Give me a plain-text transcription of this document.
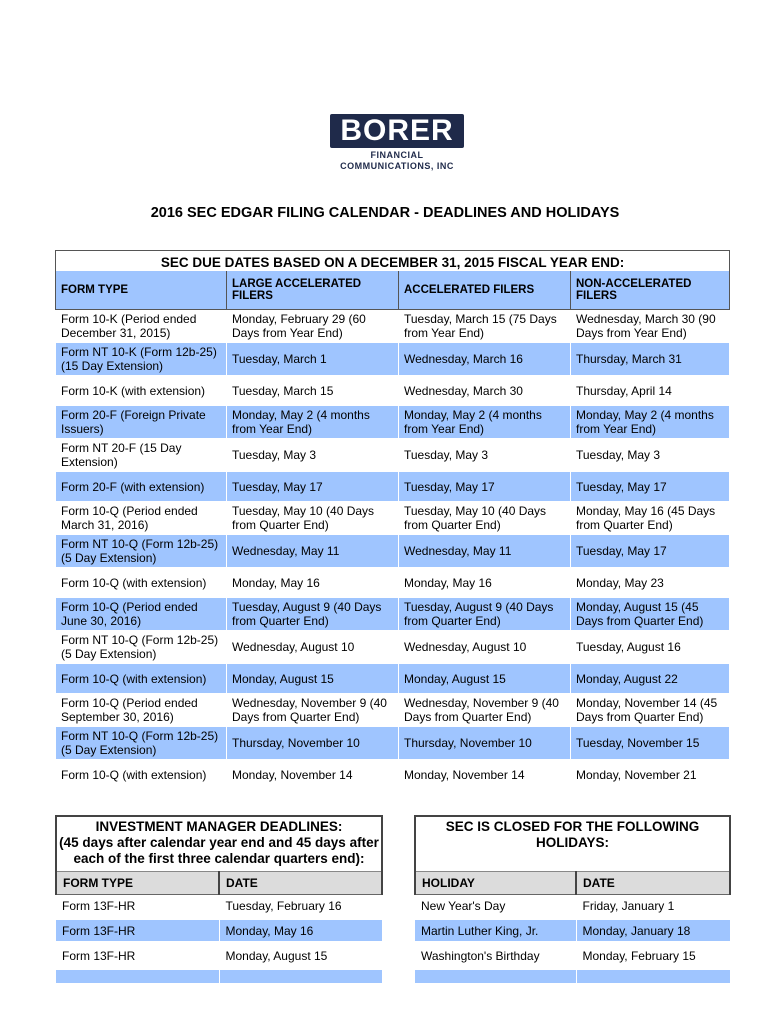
BORER
FINANCIAL
COMMUNICATIONS, INC
2016 SEC EDGAR FILING CALENDAR - DEADLINES AND HOLIDAYS
SEC DUE DATES BASED ON A DECEMBER 31, 2015 FISCAL YEAR END:			
FORM TYPE	LARGE ACCELERATED FILERS	ACCELERATED FILERS	NON-ACCELERATED FILERS
Form 10-K (Period ended December 31, 2015)	Monday, February 29 (60 Days from Year End)	Tuesday, March 15 (75 Days from Year End)	Wednesday, March 30 (90 Days from Year End)
Form NT 10-K (Form 12b-25) (15 Day Extension)	Tuesday, March 1	Wednesday, March 16	Thursday, March 31
Form 10-K (with extension)	Tuesday, March 15	Wednesday, March 30	Thursday, April 14
Form 20-F (Foreign Private Issuers)	Monday, May 2 (4 months from Year End)	Monday, May 2 (4 months from Year End)	Monday, May 2 (4 months from Year End)
Form NT 20-F (15 Day Extension)	Tuesday, May 3	Tuesday, May 3	Tuesday, May 3
Form 20-F (with extension)	Tuesday, May 17	Tuesday, May 17	Tuesday, May 17
Form 10-Q (Period ended March 31, 2016)	Tuesday, May 10 (40 Days from Quarter End)	Tuesday, May 10 (40 Days from Quarter End)	Monday, May 16 (45 Days from Quarter End)
Form NT 10-Q (Form 12b-25) (5 Day Extension)	Wednesday, May 11	Wednesday, May 11	Tuesday, May 17
Form 10-Q (with extension)	Monday, May 16	Monday, May 16	Monday, May 23
Form 10-Q (Period ended June 30, 2016)	Tuesday, August 9 (40 Days from Quarter End)	Tuesday, August 9 (40 Days from Quarter End)	Monday, August 15 (45 Days from Quarter End)
Form NT 10-Q (Form 12b-25) (5 Day Extension)	Wednesday, August 10	Wednesday, August 10	Tuesday, August 16
Form 10-Q (with extension)	Monday, August 15	Monday, August 15	Monday, August 22
Form 10-Q (Period ended September 30, 2016)	Wednesday, November 9 (40 Days from Quarter End)	Wednesday, November 9 (40 Days from Quarter End)	Monday, November 14 (45 Days from Quarter End)
Form NT 10-Q (Form 12b-25) (5 Day Extension)	Thursday, November 10	Thursday, November 10	Tuesday, November 15
Form 10-Q (with extension)	Monday, November 14	Monday, November 14	Monday, November 21
INVESTMENT MANAGER DEADLINES:
(45 days after calendar year end and 45 days after
each of the first three calendar quarters end):	

FORM TYPE	DATE
Form 13F-HR	Tuesday, February 16
Form 13F-HR	Monday, May 16
Form 13F-HR	Monday, August 15

SEC IS CLOSED FOR THE FOLLOWING
HOLIDAYS:	

HOLIDAY	DATE
New Year's Day	Friday, January 1
Martin Luther King, Jr.	Monday, January 18
Washington's Birthday	Monday, February 15
